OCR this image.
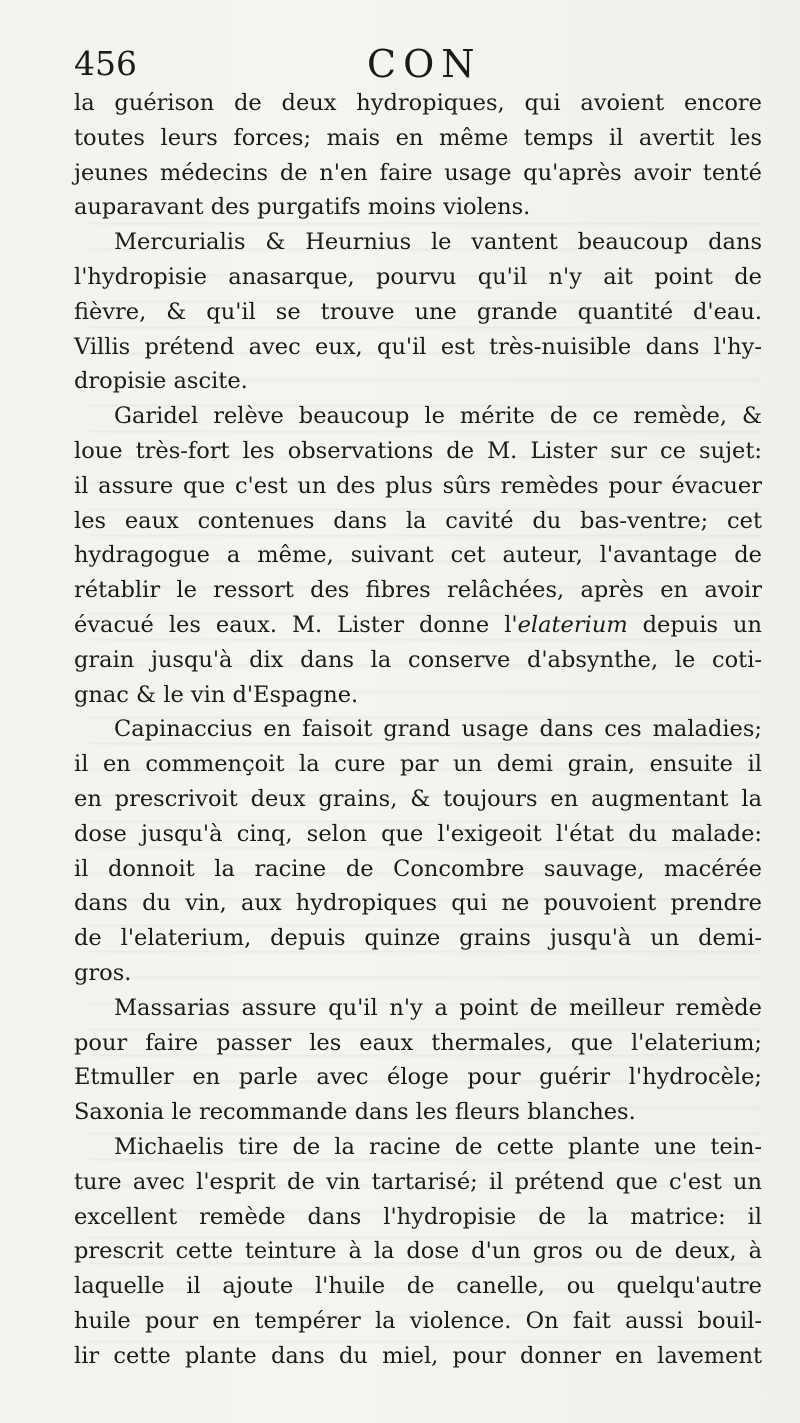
456	CON
la guérison de deux hydropiques, qui avoient encore
toutes leurs forces; mais en même temps il avertit les
jeunes médecins de n'en faire usage qu'après avoir tenté
auparavant des purgatifs moins violens.
Mercurialis & Heurnius le vantent beaucoup dans
l'hydropisie anasarque, pourvu qu'il n'y ait point de
fièvre, & qu'il se trouve une grande quantité d'eau.
Villis prétend avec eux, qu'il est très-nuisible dans l'hy-
dropisie ascite.
Garidel relève beaucoup le mérite de ce remède, &
loue très-fort les observations de M. Lister sur ce sujet:
il assure que c'est un des plus sûrs remèdes pour évacuer
les eaux contenues dans la cavité du bas-ventre; cet
hydragogue a même, suivant cet auteur, l'avantage de
rétablir le ressort des fibres relâchées, après en avoir
évacué les eaux. M. Lister donne l'elaterium depuis un
grain jusqu'à dix dans la conserve d'absynthe, le coti-
gnac & le vin d'Espagne.
Capinaccius en faisoit grand usage dans ces maladies;
il en commençoit la cure par un demi grain, ensuite il
en prescrivoit deux grains, & toujours en augmentant la
dose jusqu'à cinq, selon que l'exigeoit l'état du malade:
il donnoit la racine de Concombre sauvage, macérée
dans du vin, aux hydropiques qui ne pouvoient prendre
de l'elaterium, depuis quinze grains jusqu'à un demi-
gros.
Massarias assure qu'il n'y a point de meilleur remède
pour faire passer les eaux thermales, que l'elaterium;
Etmuller en parle avec éloge pour guérir l'hydrocèle;
Saxonia le recommande dans les fleurs blanches.
Michaelis tire de la racine de cette plante une tein-
ture avec l'esprit de vin tartarisé; il prétend que c'est un
excellent remède dans l'hydropisie de la matrice: il
prescrit cette teinture à la dose d'un gros ou de deux, à
laquelle il ajoute l'huile de canelle, ou quelqu'autre
huile pour en tempérer la violence. On fait aussi bouil-
lir cette plante dans du miel, pour donner en lavement
